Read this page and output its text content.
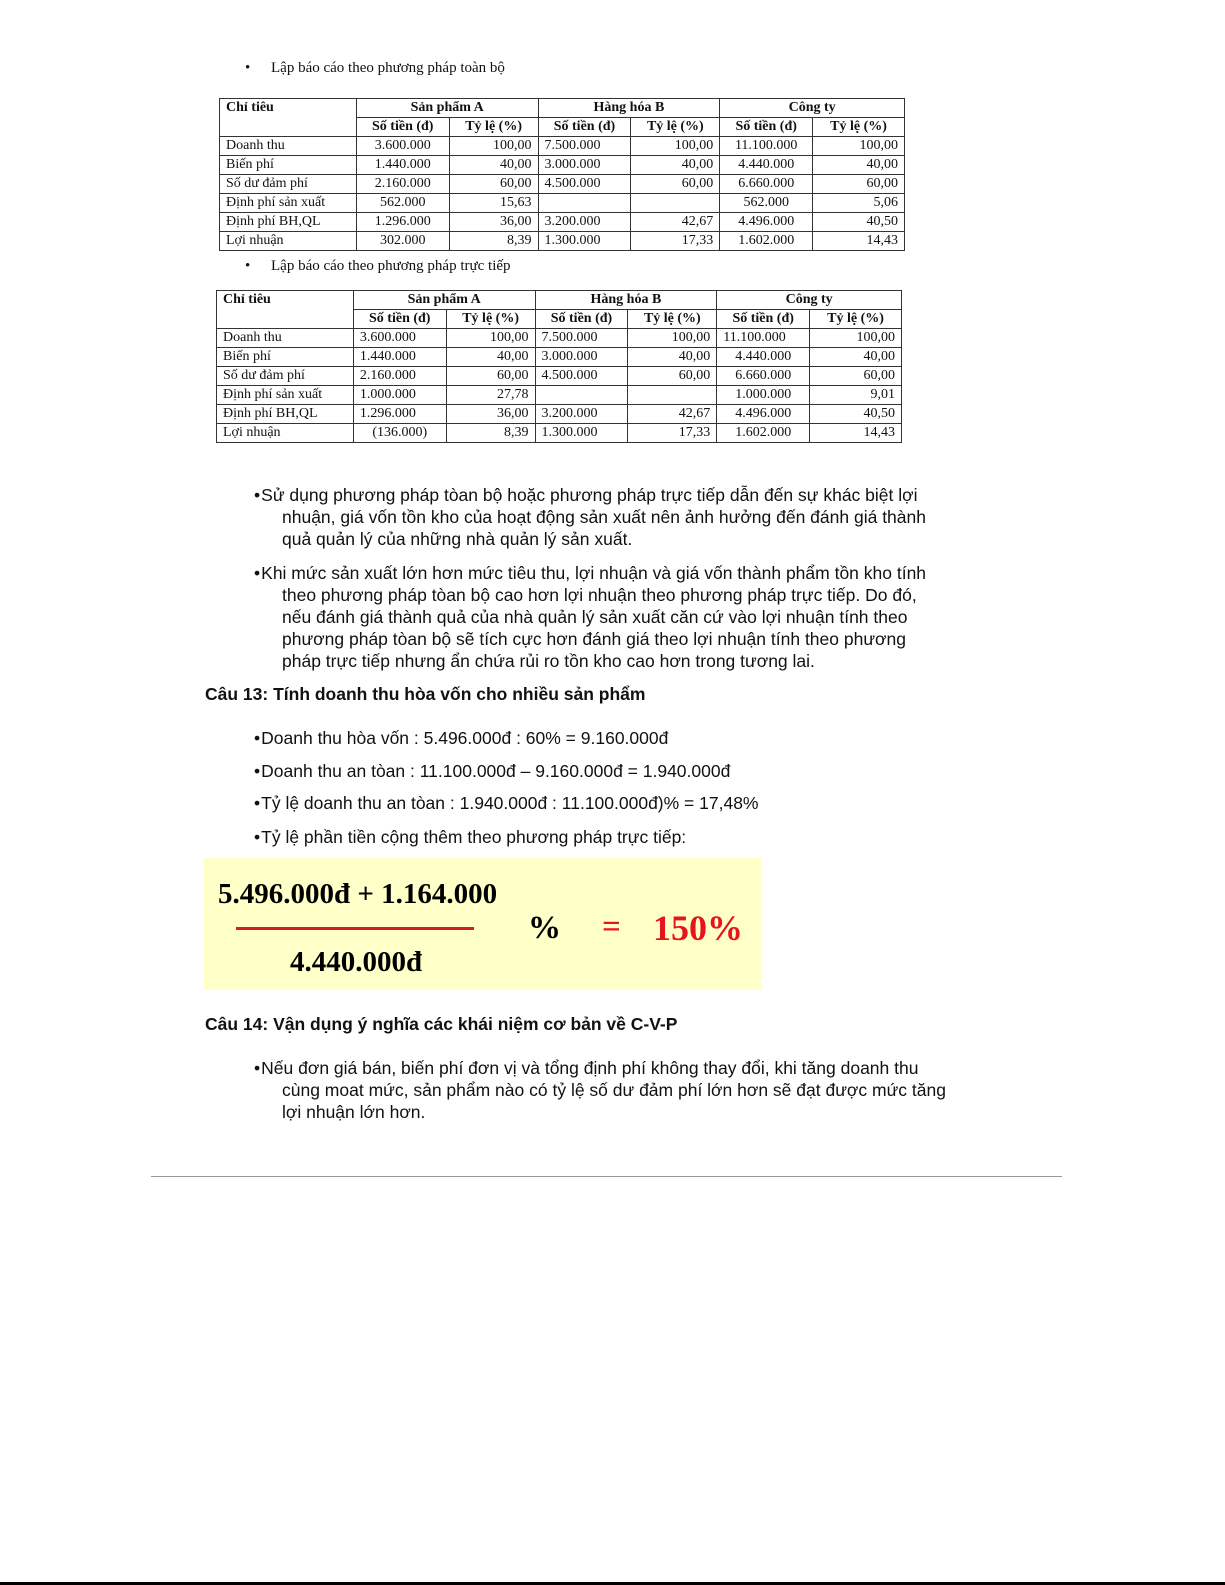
• Lập báo cáo theo phương pháp toàn bộ
Chỉ tiêu	Sản phẩm A		Hàng hóa B		Công ty	
	Số tiền (đ)	Tỷ lệ (%)	Số tiền (đ)	Tỷ lệ (%)	Số tiền (đ)	Tỷ lệ (%)
Doanh thu	3.600.000	100,00	7.500.000	100,00	11.100.000	100,00
Biến phí	1.440.000	40,00	3.000.000	40,00	4.440.000	40,00
Số dư đảm phí	2.160.000	60,00	4.500.000	60,00	6.660.000	60,00
Định phí sản xuất	562.000	15,63			562.000	5,06
Định phí BH,QL	1.296.000	36,00	3.200.000	42,67	4.496.000	40,50
Lợi nhuận	302.000	8,39	1.300.000	17,33	1.602.000	14,43
• Lập báo cáo theo phương pháp trực tiếp
Chỉ tiêu	Sản phẩm A		Hàng hóa B		Công ty	
	Số tiền (đ)	Tỷ lệ (%)	Số tiền (đ)	Tỷ lệ (%)	Số tiền (đ)	Tỷ lệ (%)
Doanh thu	3.600.000	100,00	7.500.000	100,00	11.100.000	100,00
Biến phí	1.440.000	40,00	3.000.000	40,00	4.440.000	40,00
Số dư đảm phí	2.160.000	60,00	4.500.000	60,00	6.660.000	60,00
Định phí sản xuất	1.000.000	27,78			1.000.000	9,01
Định phí BH,QL	1.296.000	36,00	3.200.000	42,67	4.496.000	40,50
Lợi nhuận	(136.000)	8,39	1.300.000	17,33	1.602.000	14,43
•Sử dụng phương pháp tòan bộ hoặc phương pháp trực tiếp dẫn đến sự khác biệt lợi
nhuận, giá vốn tồn kho của hoạt động sản xuất nên ảnh hưởng đến đánh giá thành
quả quản lý của những nhà quản lý sản xuất.
•Khi mức sản xuất lớn hơn mức tiêu thu, lợi nhuận và giá vốn thành phẩm tồn kho tính
theo phương pháp tòan bộ cao hơn lợi nhuận theo phương pháp trực tiếp. Do đó,
nếu đánh giá thành quả của nhà quản lý sản xuất căn cứ vào lợi nhuận tính theo
phương pháp tòan bộ sẽ tích cực hơn đánh giá theo lợi nhuận tính theo phương
pháp trực tiếp nhưng ẩn chứa rủi ro tồn kho cao hơn trong tương lai.
Câu 13: Tính doanh thu hòa vốn cho nhiều sản phẩm
•Doanh thu hòa vốn : 5.496.000đ : 60% = 9.160.000đ
•Doanh thu an tòan : 11.100.000đ – 9.160.000đ = 1.940.000đ
•Tỷ lệ doanh thu an tòan : 1.940.000đ : 11.100.000đ)% = 17,48%
•Tỷ lệ phần tiền cộng thêm theo phương pháp trực tiếp:
5.496.000đ + 1.164.000
4.440.000đ
% = 150%
Câu 14: Vận dụng ý nghĩa các khái niệm cơ bản về C-V-P
•Nếu đơn giá bán, biến phí đơn vị và tổng định phí không thay đổi, khi tăng doanh thu
cùng moat mức, sản phẩm nào có tỷ lệ số dư đảm phí lớn hơn sẽ đạt được mức tăng
lợi nhuận lớn hơn.
